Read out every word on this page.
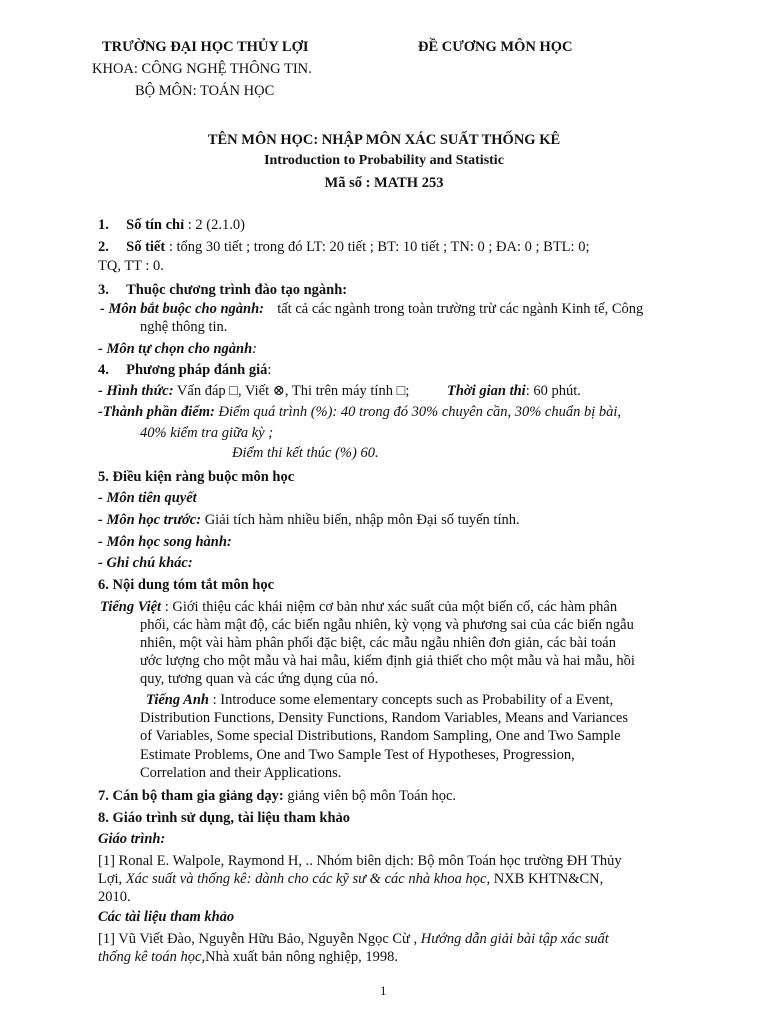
TRƯỜNG ĐẠI HỌC THỦY LỢI	ĐỀ CƯƠNG MÔN HỌC
KHOA: CÔNG NGHỆ THÔNG TIN.
BỘ MÔN: TOÁN HỌC
TÊN MÔN HỌC: NHẬP MÔN XÁC SUẤT THỐNG KÊ
Introduction to Probability and Statistic
Mã số : MATH 253
1. Số tín chỉ : 2 (2.1.0)
2. Số tiết : tổng 30 tiết ; trong đó LT: 20 tiết ; BT: 10 tiết ; TN: 0 ; ĐA: 0 ; BTL: 0;
TQ, TT : 0.
3. Thuộc chương trình đào tạo ngành:
- Môn bắt buộc cho ngành: tất cả các ngành trong toàn trường trừ các ngành Kinh tế, Công
nghệ thông tin.
- Môn tự chọn cho ngành:
4. Phương pháp đánh giá:
- Hình thức: Vấn đáp □, Viết ⊗, Thi trên máy tính □;	Thời gian thi: 60 phút.
-Thành phần điểm: Điểm quá trình (%): 40 trong đó 30% chuyên cần, 30% chuẩn bị bài,
40% kiểm tra giữa kỳ ;
Điểm thi kết thúc (%) 60.
5. Điều kiện ràng buộc môn học
- Môn tiên quyết
- Môn học trước: Giải tích hàm nhiều biến, nhập môn Đại số tuyến tính.
- Môn học song hành:
- Ghi chú khác:
6. Nội dung tóm tắt môn học
Tiếng Việt : Giới thiệu các khái niệm cơ bản như xác suất của một biến cố, các hàm phân
phối, các hàm mật độ, các biến ngẫu nhiên, kỳ vọng và phương sai của các biến ngẫu
nhiên, một vài hàm phân phối đặc biệt, các mẫu ngẫu nhiên đơn giản, các bài toán
ước lượng cho một mẫu và hai mẫu, kiểm định giả thiết cho một mẫu và hai mẫu, hồi
quy, tương quan và các ứng dụng của nó.
Tiếng Anh : Introduce some elementary concepts such as Probability of a Event,
Distribution Functions, Density Functions, Random Variables, Means and Variances
of Variables, Some special Distributions, Random Sampling, One and Two Sample
Estimate Problems, One and Two Sample Test of Hypotheses, Progression,
Correlation and their Applications.
7. Cán bộ tham gia giảng dạy: giảng viên bộ môn Toán học.
8. Giáo trình sử dụng, tài liệu tham khảo
Giáo trình:
[1] Ronal E. Walpole, Raymond H, .. Nhóm biên dịch: Bộ môn Toán học trường ĐH Thủy
Lợi, Xác suất và thống kê: dành cho các kỹ sư & các nhà khoa học, NXB KHTN&CN,
2010.
Các tài liệu tham khảo
[1] Vũ Viết Đào, Nguyễn Hữu Bảo, Nguyễn Ngọc Cừ , Hướng dẫn giải bài tập xác suất
thống kê toán học,Nhà xuất bản nông nghiệp, 1998.
1
